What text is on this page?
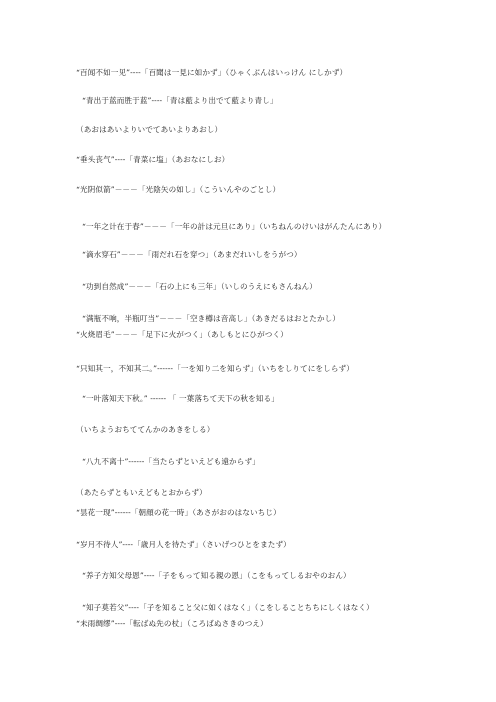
“百闻不如一见”----「百聞は一見に如かず」（ひゃくぶんはいっけん にしかず）
“青出于蓝而胜于蓝”----「青は藍より出でて藍より青し」
（あおはあいよりいでてあいよりあおし）
“垂头丧气”----「青菜に塩」（あおなにしお）
“光阴似箭”－－－「光陰矢の如し」（こういんやのごとし）
“一年之计在于春”－－－「一年の計は元旦にあり」（いちねんのけいはがんたんにあり）
“滴水穿石”－－－「雨だれ石を穿つ」（あまだれいしをうがつ）
“功到自然成”－－－「石の上にも三年」（いしのうえにもさんねん）
“满瓶不响，半瓶叮当”－－－「空き樽は音高し」（あきだるはおとたかし）
“火烧眉毛”－－－「足下に火がつく」（あしもとにひがつく）
“只知其一，不知其二。”------「一を知り二を知らず」（いちをしりてにをしらず）
“一叶落知天下秋。” ------ 「 一葉落ちて天下の秋を知る」
（いちようおちててんかのあきをしる）
“八九不离十”------「当たらずといえども遠からず」
（あたらずともいえどもとおからず）
“昙花一现”------「朝顔の花一時」（あさがおのはないちじ）
“岁月不待人”----「歳月人を待たず」（さいげつひとをまたず）
“养子方知父母恩”----「子をもって知る親の恩」（こをもってしるおやのおん）
“知子莫若父”----「子を知ること父に如くはなく」（こをしることちちにしくはなく）
“未雨绸缪”----「転ばぬ先の杖」（ころばぬさきのつえ）
